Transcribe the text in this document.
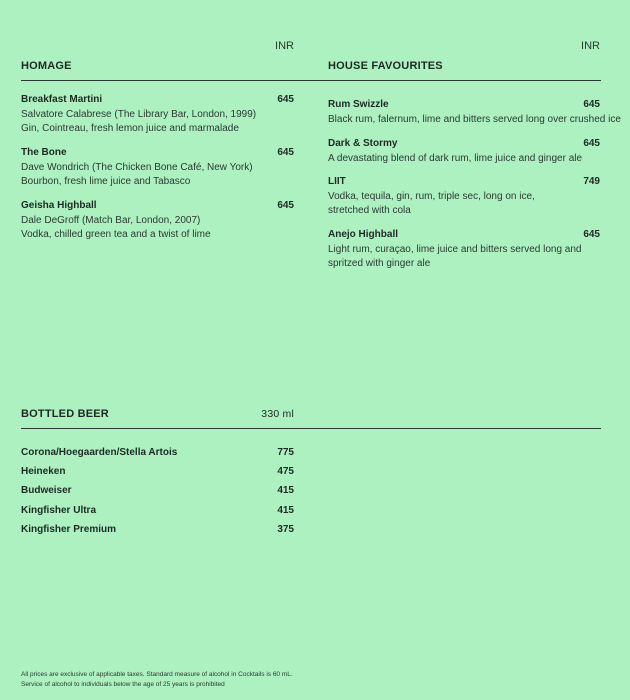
INR	INR
HOMAGE	HOUSE FAVOURITES
Breakfast Martini	645
Salvatore Calabrese (The Library Bar, London, 1999)
Gin, Cointreau, fresh lemon juice and marmalade
The Bone	645
Dave Wondrich (The Chicken Bone Café, New York)
Bourbon, fresh lime juice and Tabasco
Geisha Highball	645
Dale DeGroff (Match Bar, London, 2007)
Vodka, chilled green tea and a twist of lime
Rum Swizzle	645
Black rum, falernum, lime and bitters served long over crushed ice
Dark & Stormy	645
A devastating blend of dark rum, lime juice and ginger ale
LIIT	749
Vodka, tequila, gin, rum, triple sec, long on ice,
stretched with cola
Anejo Highball	645
Light rum, curaçao, lime juice and bitters served long and
spritzed with ginger ale
BOTTLED BEER	330 ml
Corona/Hoegaarden/Stella Artois	775
Heineken	475
Budweiser	415
Kingfisher Ultra	415
Kingfisher Premium	375
All prices are exclusive of applicable taxes. Standard measure of alcohol in Cocktails is 60 mL.
Service of alcohol to individuals below the age of 25 years is prohibited
